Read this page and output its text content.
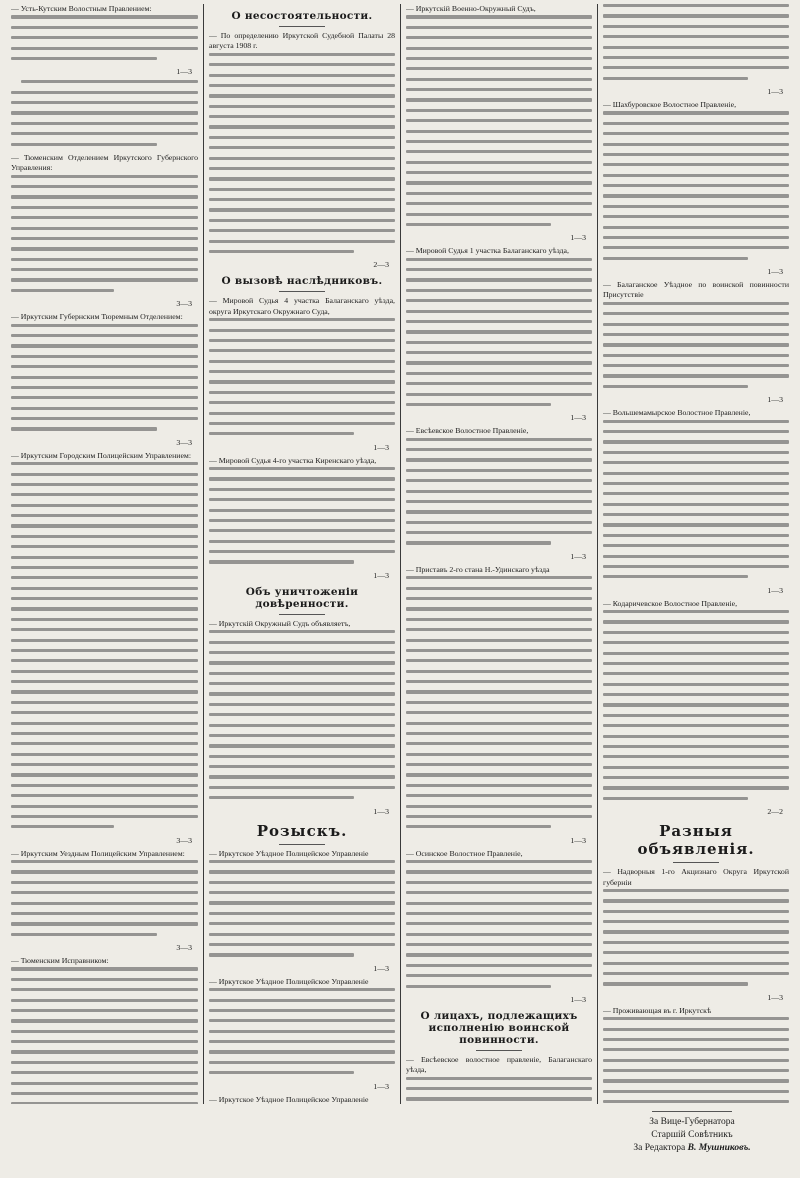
— Усть-Кутским Волостным Правлением:

1—3

— Тюменским Отделением Иркутского Губернского Управления:

3—3

— Иркутским Губернским Тюремным Отделением:

3—3

— Иркутским Городским Полицейским Управлением:

3—3

— Иркутским Уездным Полицейским Управлением:

3—3

— Тюменским Исправником:

О несостоятельности.

— По определению Иркутской Судебной Палаты 28 августа 1908 г.

2—3
О вызовѣ наслѣдниковъ.

— Мировой Судья 4 участка Балаганскаго уѣзда, округа Иркутскаго Окружнаго Суда,

1—3

— Мировой Судья 4-го участка Киренскаго уѣзда,

1—3
Объ уничтоженіи довѣренности.

— Иркутскій Окружный Судъ объявляетъ,

1—3
Розыскъ.

— Иркутское Уѣздное Полицейское Управленіе

1—3

— Иркутское Уѣздное Полицейское Управленіе

1—3

— Иркутское Уѣздное Полицейское Управленіе

— Иркутскій Военно-Окружный Судъ,

1—3

— Мировой Судья 1 участка Балаганскаго уѣзда,

1—3

— Евсѣевское Волостное Правленіе,

1—3

— Приставъ 2-го стана Н.-Удинскаго уѣзда

1—3

— Осинское Волостное Правленіе,

1—3
О лицахъ, подлежащихъ исполненію воинской повинности.

— Евсѣевское волостное правленіе, Балаганскаго уѣзда,

1—3

— Шахбуровское Волостное Правленіе,

1—3

— Балаганское Уѣздное по воинской повинности Присутствіе

1—3

— Вольшемамырское Волостное Правленіе,

1—3

— Кодаричевское Волостное Правленіе,

2—2
Разныя объявленія.

— Надворныя 1-го Акцизнаго Округа Иркутской губерніи

1—3

— Проживающая въ г. Иркутскѣ

За Вице-Губернатора
Старшій Совѣтникъ
За Редактора В. Мушниковъ.
